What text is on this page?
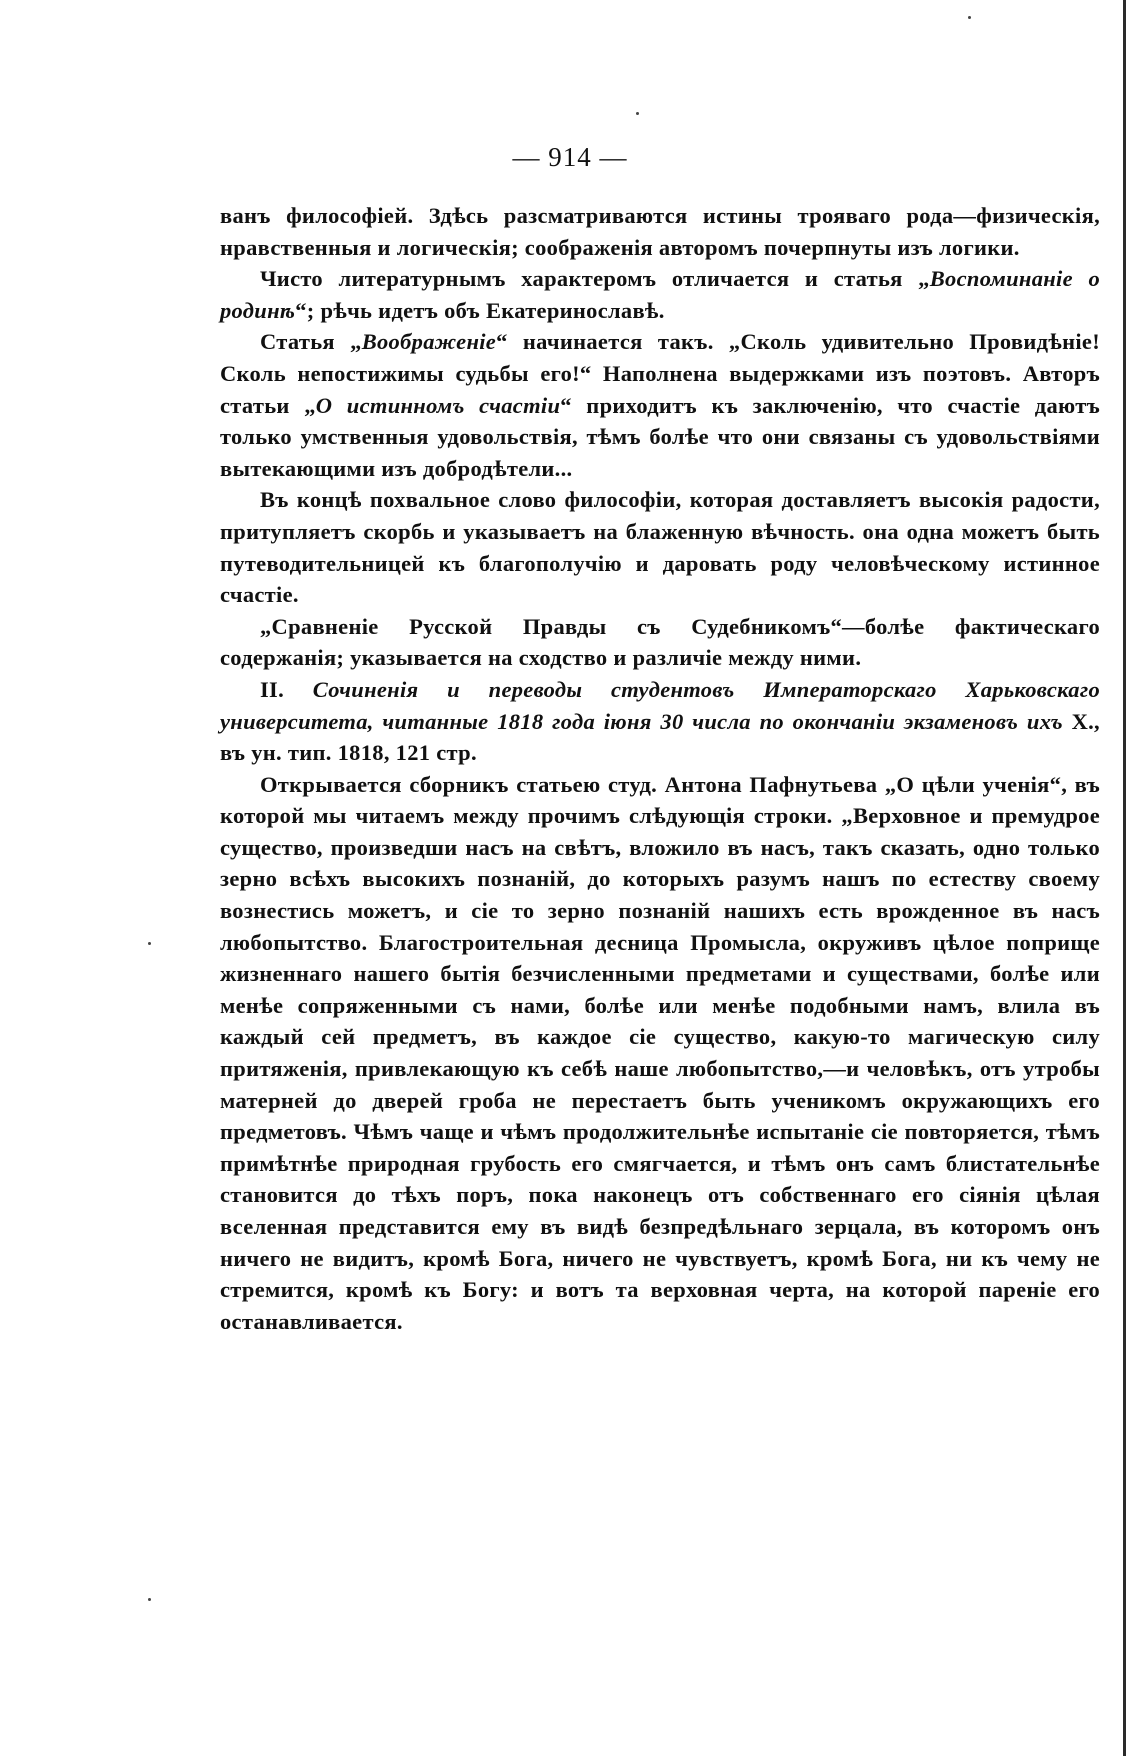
— 914 —

ванъ философіей. Здѣсь разсматриваются истины трояваго рода—физическія, нравственныя и логическія; соображенія авторомъ почерпнуты изъ логики.

Чисто литературнымъ характеромъ отличается и статья „Воспоминаніе о родинѣ“; рѣчь идетъ объ Екатеринославѣ.

Статья „Воображеніе“ начинается такъ. „Сколь удивительно Провидѣніе! Сколь непостижимы судьбы его!“ Наполнена выдержками изъ поэтовъ. Авторъ статьи „О истинномъ счастіи“ приходитъ къ заключенію, что счастіе даютъ только умственныя удовольствія, тѣмъ болѣе что они связаны съ удовольствіями вытекающими изъ добродѣтели...

Въ концѣ похвальное слово философіи, которая доставляетъ высокія радости, притупляетъ скорбь и указываетъ на блаженную вѣчность. она одна можетъ быть путеводительницей къ благополучію и даровать роду человѣческому истинное счастіе.

„Сравненіе Русской Правды съ Судебникомъ“—болѣе фактическаго содержанія; указывается на сходство и различіе между ними.

II. Сочиненія и переводы студентовъ Императорскаго Харьковскаго университета, читанные 1818 года іюня 30 числа по окончаніи экзаменовъ ихъ X., въ ун. тип. 1818, 121 стр.

Открывается сборникъ статьею студ. Антона Пафнутьева „О цѣли ученія“, въ которой мы читаемъ между прочимъ слѣдующія строки. „Верховное и премудрое существо, произведши насъ на свѣтъ, вложило въ насъ, такъ сказать, одно только зерно всѣхъ высокихъ познаній, до которыхъ разумъ нашъ по естеству своему вознестись можетъ, и сіе то зерно познаній нашихъ есть врожденное въ насъ любопытство. Благостроительная десница Промысла, окруживъ цѣлое поприще жизненнаго нашего бытія безчисленными предметами и существами, болѣе или менѣе сопряженными съ нами, болѣе или менѣе подобными намъ, влила въ каждый сей предметъ, въ каждое сіе существо, какую-то магическую силу притяженія, привлекающую къ себѣ наше любопытство,—и человѣкъ, отъ утробы матерней до дверей гроба не перестаетъ быть ученикомъ окружающихъ его предметовъ. Чѣмъ чаще и чѣмъ продолжительнѣе испытаніе сіе повторяется, тѣмъ примѣтнѣе природная грубость его смягчается, и тѣмъ онъ самъ блистательнѣе становится до тѣхъ поръ, пока наконецъ отъ собственнаго его сіянія цѣлая вселенная представится ему въ видѣ безпредѣльнаго зерцала, въ которомъ онъ ничего не видитъ, кромѣ Бога, ничего не чувствуетъ, кромѣ Бога, ни къ чему не стремится, кромѣ къ Богу: и вотъ та верховная черта, на которой пареніе его останавливается.
